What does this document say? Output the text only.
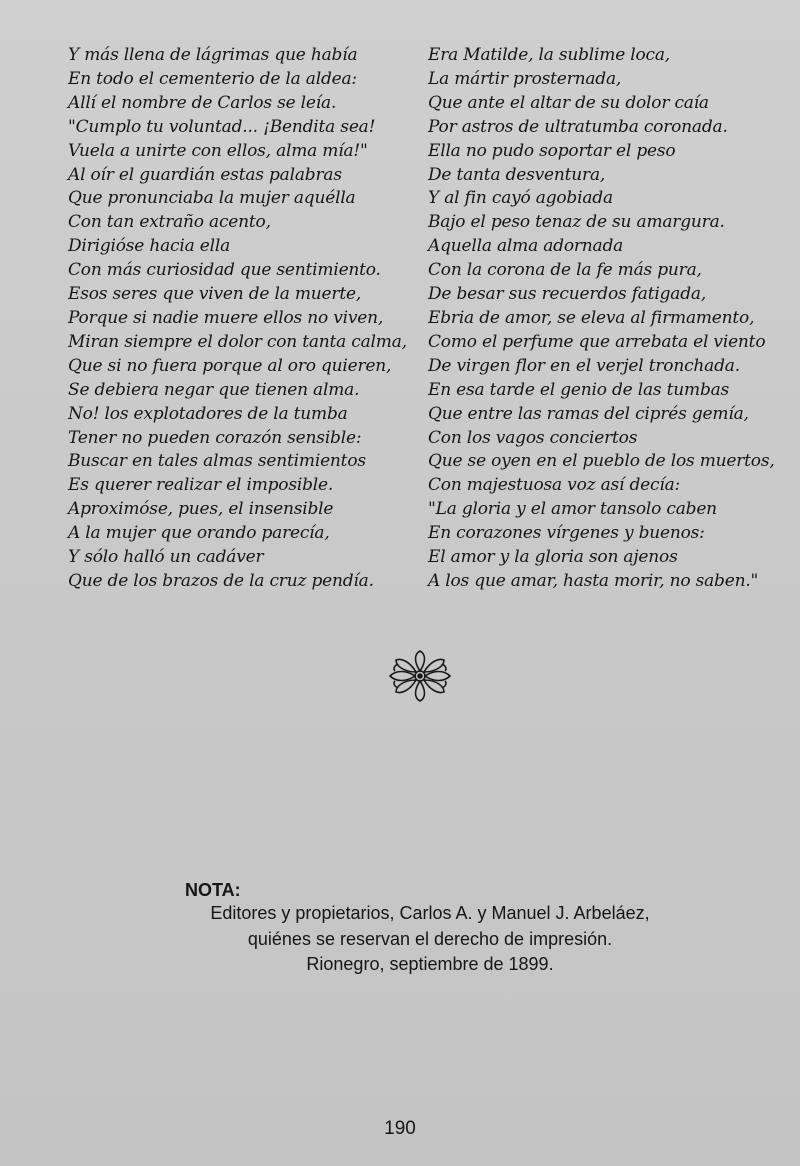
Y más llena de lágrimas que había
En todo el cementerio de la aldea:
Allí el nombre de Carlos se leía.
"Cumplo tu voluntad... ¡Bendita sea!
Vuela a unirte con ellos, alma mía!"
Al oír el guardián estas palabras
Que pronunciaba la mujer aquélla
Con tan extraño acento,
Dirigióse hacia ella
Con más curiosidad que sentimiento.
Esos seres que viven de la muerte,
Porque si nadie muere ellos no viven,
Miran siempre el dolor con tanta calma,
Que si no fuera porque al oro quieren,
Se debiera negar que tienen alma.
No! los explotadores de la tumba
Tener no pueden corazón sensible:
Buscar en tales almas sentimientos
Es querer realizar el imposible.
Aproximóse, pues, el insensible
A la mujer que orando parecía,
Y sólo halló un cadáver
Que de los brazos de la cruz pendía.
Era Matilde, la sublime loca,
La mártir prosternada,
Que ante el altar de su dolor caía
Por astros de ultratumba coronada.
Ella no pudo soportar el peso
De tanta desventura,
Y al fin cayó agobiada
Bajo el peso tenaz de su amargura.
Aquella alma adornada
Con la corona de la fe más pura,
De besar sus recuerdos fatigada,
Ebria de amor, se eleva al firmamento,
Como el perfume que arrebata el viento
De virgen flor en el verjel tronchada.
En esa tarde el genio de las tumbas
Que entre las ramas del ciprés gemía,
Con los vagos conciertos
Que se oyen en el pueblo de los muertos,
Con majestuosa voz así decía:
"La gloria y el amor tansolo caben
En corazones vírgenes y buenos:
El amor y la gloria son ajenos
A los que amar, hasta morir, no saben."
NOTA:
Editores y propietarios, Carlos A. y Manuel J. Arbeláez,
quiénes se reservan el derecho de impresión.
Rionegro, septiembre de 1899.
190
